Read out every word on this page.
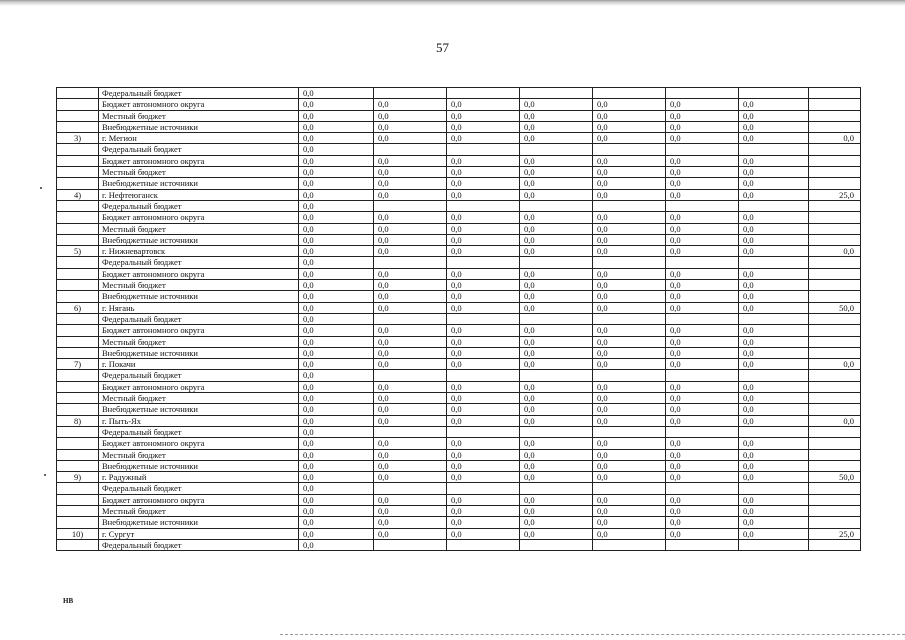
57
	Федеральный бюджет	0,0							
	Бюджет автономного округа	0,0	0,0	0,0	0,0	0,0	0,0	0,0	
	Местный бюджет	0,0	0,0	0,0	0,0	0,0	0,0	0,0	
	Внебюджетные источники	0,0	0,0	0,0	0,0	0,0	0,0	0,0	
3)	г. Мегион	0,0	0,0	0,0	0,0	0,0	0,0	0,0	0,0
	Федеральный бюджет	0,0							
	Бюджет автономного округа	0,0	0,0	0,0	0,0	0,0	0,0	0,0	
	Местный бюджет	0,0	0,0	0,0	0,0	0,0	0,0	0,0	
	Внебюджетные источники	0,0	0,0	0,0	0,0	0,0	0,0	0,0	
4)	г. Нефтеюганск	0,0	0,0	0,0	0,0	0,0	0,0	0,0	25,0
	Федеральный бюджет	0,0							
	Бюджет автономного округа	0,0	0,0	0,0	0,0	0,0	0,0	0,0	
	Местный бюджет	0,0	0,0	0,0	0,0	0,0	0,0	0,0	
	Внебюджетные источники	0,0	0,0	0,0	0,0	0,0	0,0	0,0	
5)	г. Нижневартовск	0,0	0,0	0,0	0,0	0,0	0,0	0,0	0,0
	Федеральный бюджет	0,0							
	Бюджет автономного округа	0,0	0,0	0,0	0,0	0,0	0,0	0,0	
	Местный бюджет	0,0	0,0	0,0	0,0	0,0	0,0	0,0	
	Внебюджетные источники	0,0	0,0	0,0	0,0	0,0	0,0	0,0	
6)	г. Нягань	0,0	0,0	0,0	0,0	0,0	0,0	0,0	50,0
	Федеральный бюджет	0,0							
	Бюджет автономного округа	0,0	0,0	0,0	0,0	0,0	0,0	0,0	
	Местный бюджет	0,0	0,0	0,0	0,0	0,0	0,0	0,0	
	Внебюджетные источники	0,0	0,0	0,0	0,0	0,0	0,0	0,0	
7)	г. Покачи	0,0	0,0	0,0	0,0	0,0	0,0	0,0	0,0
	Федеральный бюджет	0,0							
	Бюджет автономного округа	0,0	0,0	0,0	0,0	0,0	0,0	0,0	
	Местный бюджет	0,0	0,0	0,0	0,0	0,0	0,0	0,0	
	Внебюджетные источники	0,0	0,0	0,0	0,0	0,0	0,0	0,0	
8)	г. Пыть-Ях	0,0	0,0	0,0	0,0	0,0	0,0	0,0	0,0
	Федеральный бюджет	0,0							
	Бюджет автономного округа	0,0	0,0	0,0	0,0	0,0	0,0	0,0	
	Местный бюджет	0,0	0,0	0,0	0,0	0,0	0,0	0,0	
	Внебюджетные источники	0,0	0,0	0,0	0,0	0,0	0,0	0,0	
9)	г. Радужный	0,0	0,0	0,0	0,0	0,0	0,0	0,0	50,0
	Федеральный бюджет	0,0							
	Бюджет автономного округа	0,0	0,0	0,0	0,0	0,0	0,0	0,0	
	Местный бюджет	0,0	0,0	0,0	0,0	0,0	0,0	0,0	
	Внебюджетные источники	0,0	0,0	0,0	0,0	0,0	0,0	0,0	
10)	г. Сургут	0,0	0,0	0,0	0,0	0,0	0,0	0,0	25,0
	Федеральный бюджет	0,0							
НВ
